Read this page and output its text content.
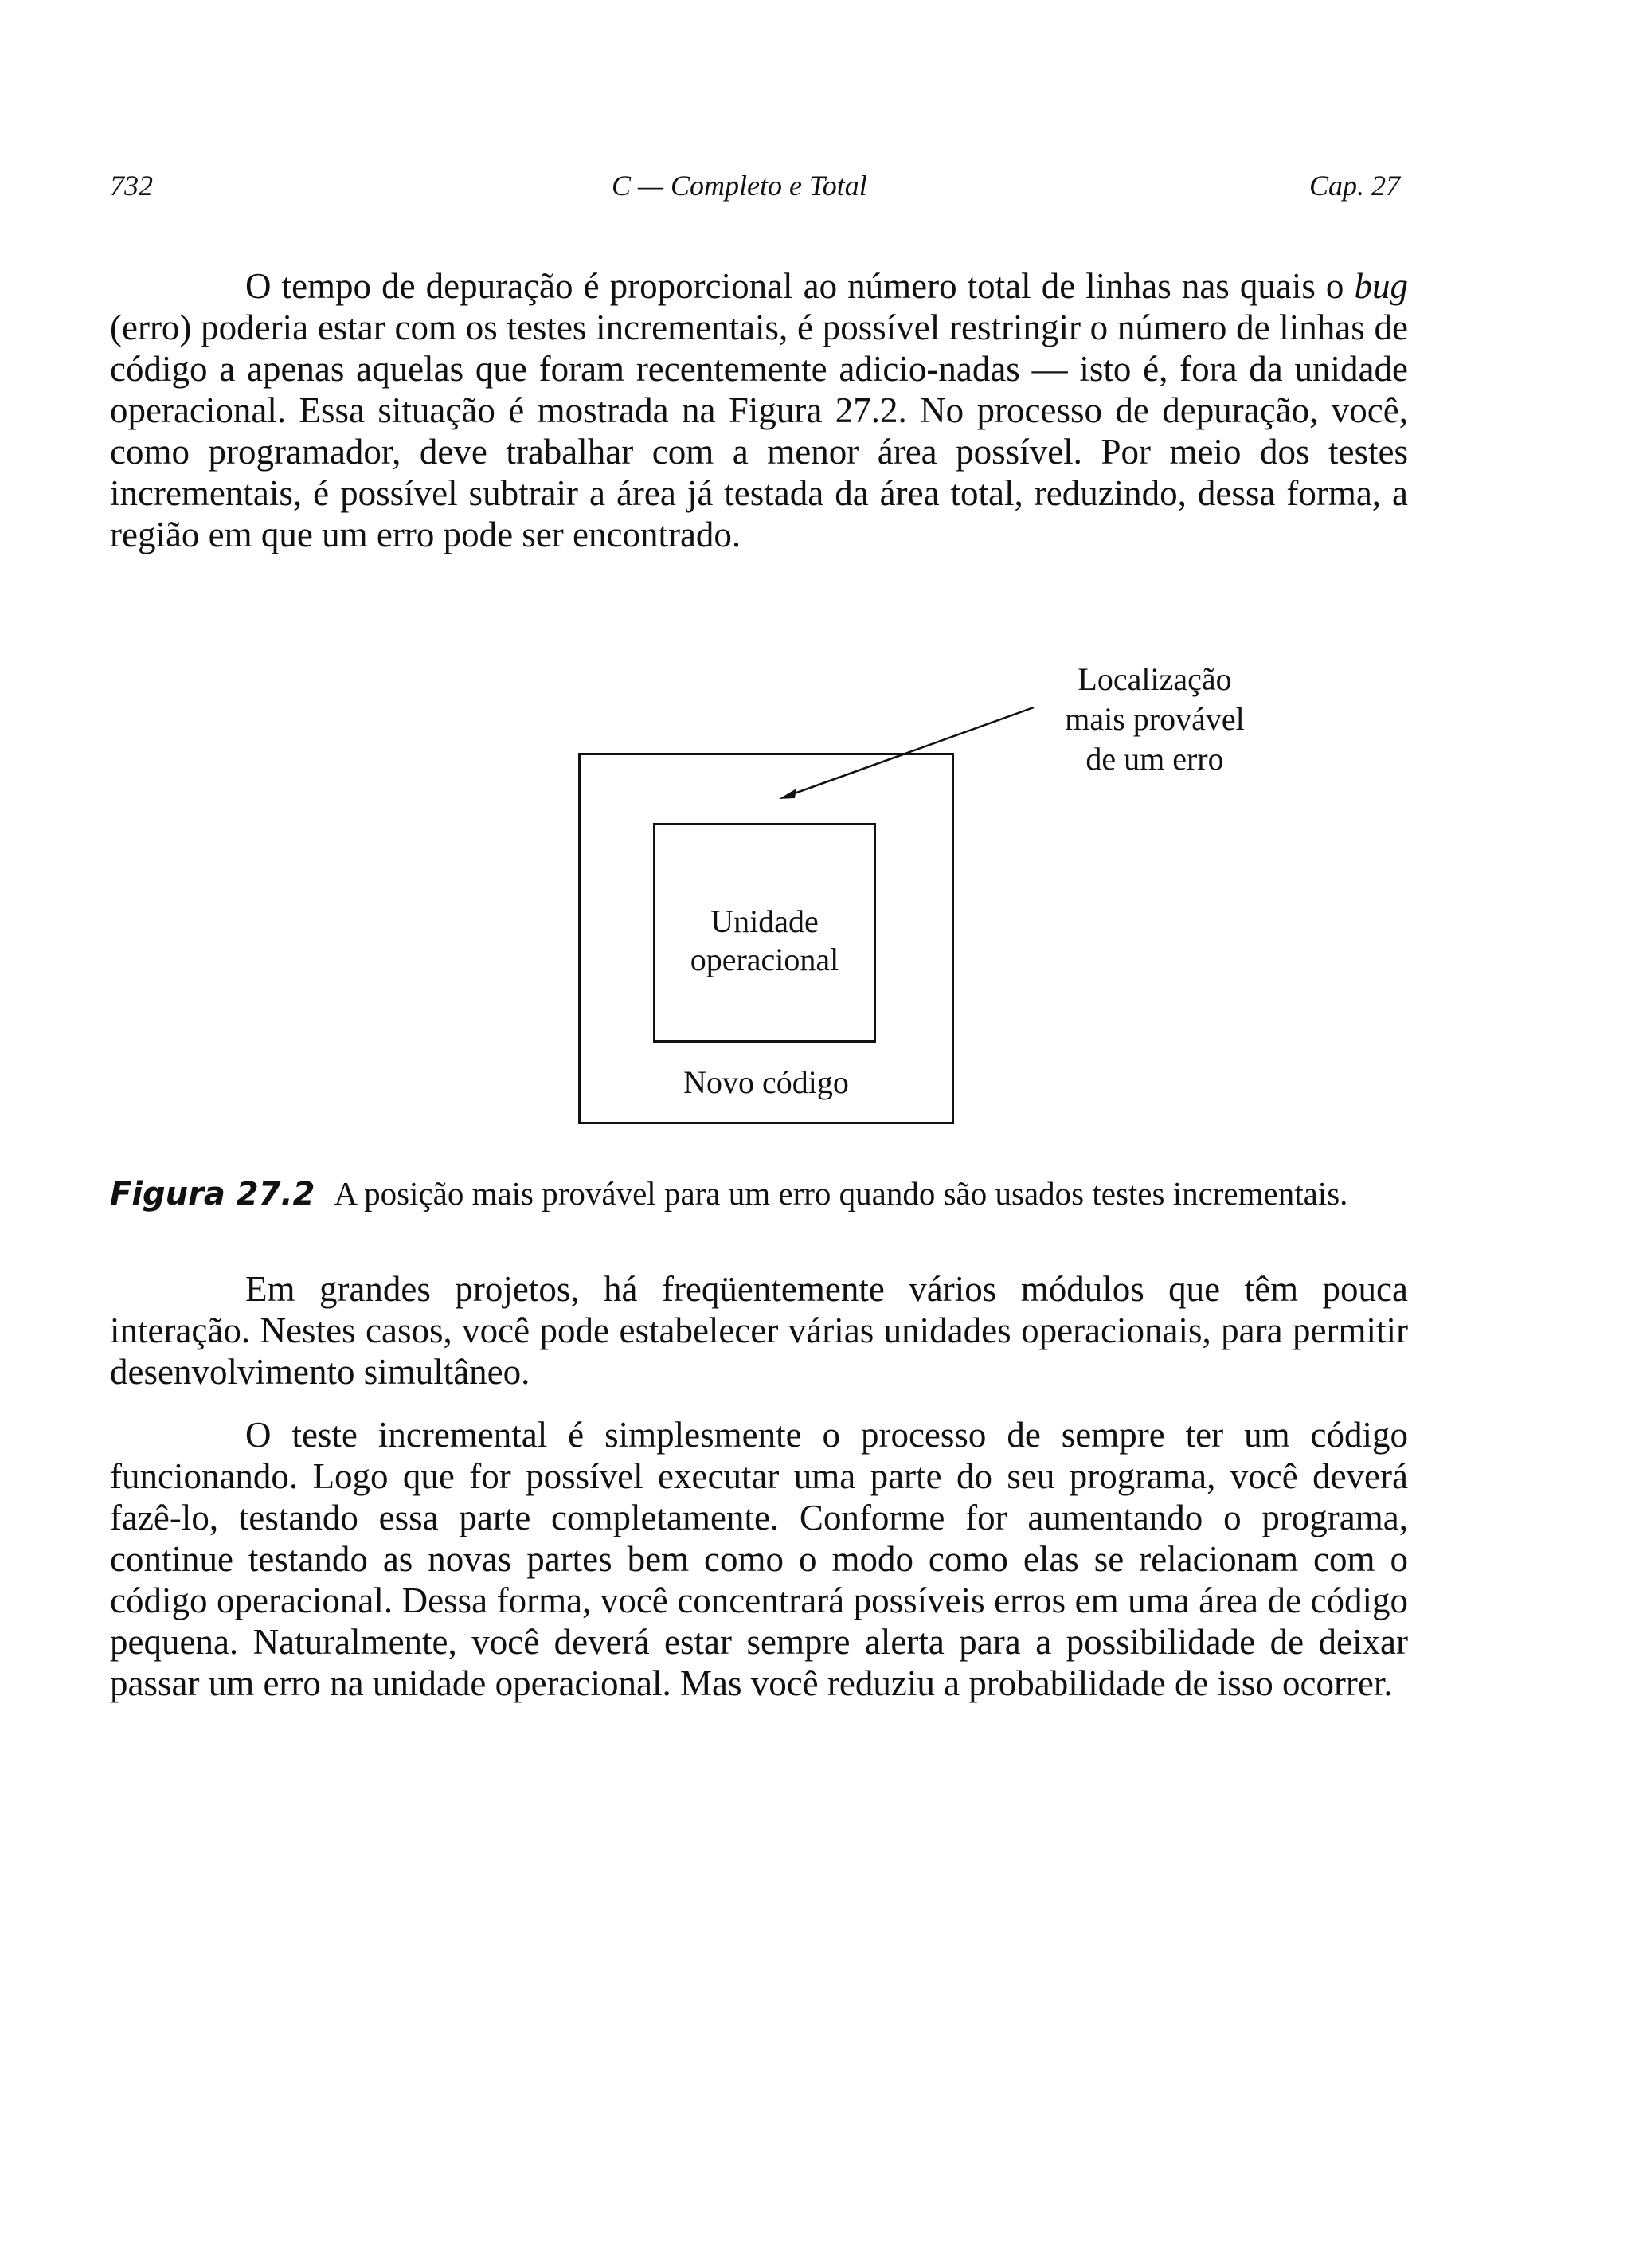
732	C — Completo e Total	Cap. 27

O tempo de depuração é proporcional ao número total de linhas nas quais o bug (erro) poderia estar com os testes incrementais, é possível restringir o número de linhas de código a apenas aquelas que foram recentemente adicio-nadas — isto é, fora da unidade operacional. Essa situação é mostrada na Figura 27.2. No processo de depuração, você, como programador, deve trabalhar com a menor área possível. Por meio dos testes incrementais, é possível subtrair a área já testada da área total, reduzindo, dessa forma, a região em que um erro pode ser encontrado.

Unidade
operacional
Novo código
Localização
mais provável
de um erro
Figura 27.2 A posição mais provável para um erro quando são usados testes incrementais.

Em grandes projetos, há freqüentemente vários módulos que têm pouca interação. Nestes casos, você pode estabelecer várias unidades operacionais, para permitir desenvolvimento simultâneo.

O teste incremental é simplesmente o processo de sempre ter um código funcionando. Logo que for possível executar uma parte do seu programa, você deverá fazê-lo, testando essa parte completamente. Conforme for aumentando o programa, continue testando as novas partes bem como o modo como elas se relacionam com o código operacional. Dessa forma, você concentrará possíveis erros em uma área de código pequena. Naturalmente, você deverá estar sempre alerta para a possibilidade de deixar passar um erro na unidade operacional. Mas você reduziu a probabilidade de isso ocorrer.
